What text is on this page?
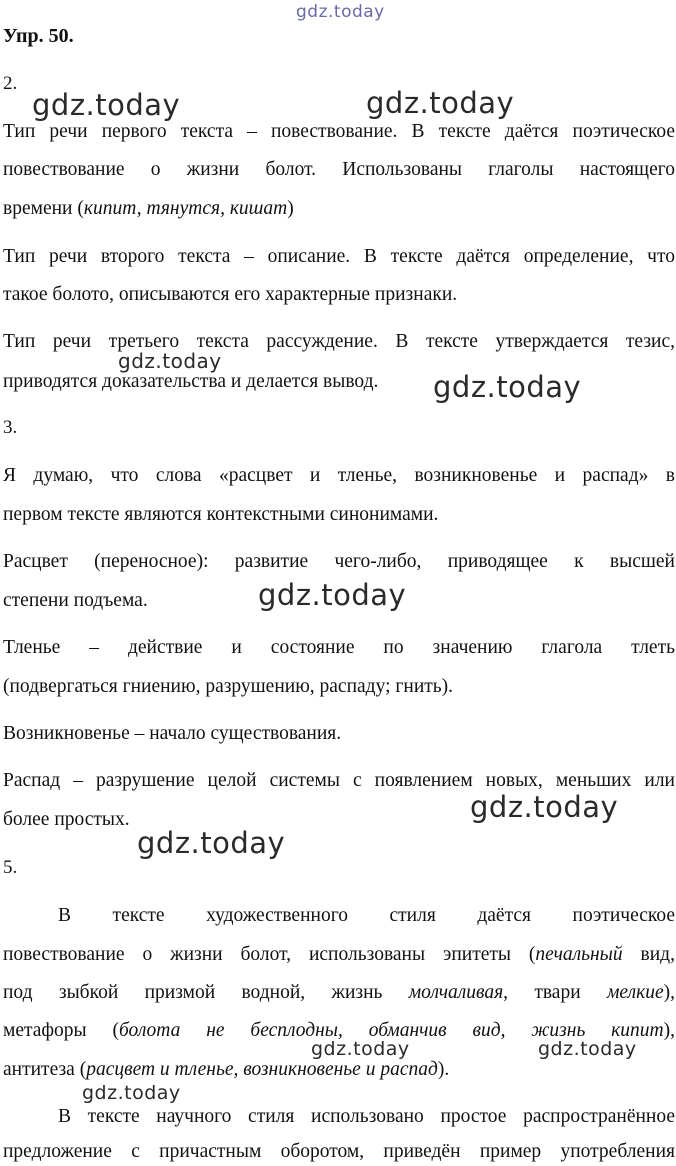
gdz.today
gdz.today	gdz.today
gdz.today
gdz.today
gdz.today
gdz.today
gdz.today
gdz.today	gdz.today
gdz.today
Упр. 50.
2.
Тип речи первого текста – повествование. В тексте даётся поэтическое
повествование о жизни болот. Использованы глаголы настоящего
времени (кипит, тянутся, кишат)
Тип речи второго текста – описание. В тексте даётся определение, что
такое болото, описываются его характерные признаки.
Тип речи третьего текста рассуждение. В тексте утверждается тезис,
приводятся доказательства и делается вывод.
3.
Я думаю, что слова «расцвет и тленье, возникновенье и распад» в
первом тексте являются контекстными синонимами.
Расцвет (переносное): развитие чего-либо, приводящее к высшей
степени подъема.
Тленье – действие и состояние по значению глагола тлеть
(подвергаться гниению, разрушению, распаду; гнить).
Возникновенье – начало существования.
Распад – разрушение целой системы с появлением новых, меньших или
более простых.
5.
В тексте художественного стиля даётся поэтическое
повествование о жизни болот, использованы эпитеты (печальный вид,
под зыбкой призмой водной, жизнь молчаливая, твари мелкие),
метафоры (болота не бесплодны, обманчив вид, жизнь кипит),
антитеза (расцвет и тленье, возникновенье и распад).
В тексте научного стиля использовано простое распространённое
предложение с причастным оборотом, приведён пример употребления
